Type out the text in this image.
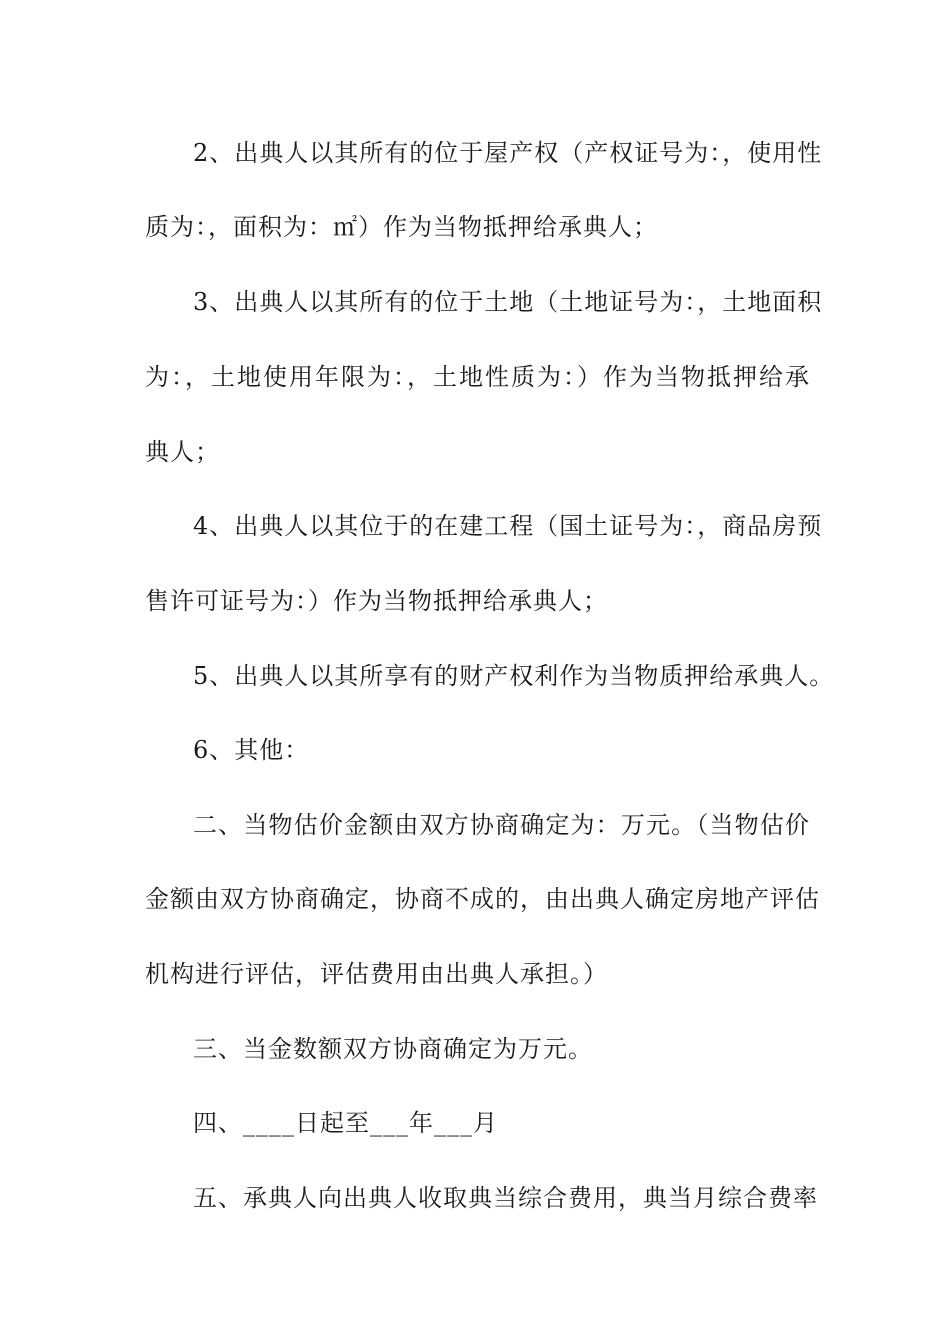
2、出典人以其所有的位于屋产权（产权证号为：，使用性
质为：，面积为：㎡）作为当物抵押给承典人；
3、出典人以其所有的位于土地（土地证号为：，土地面积
为：，土地使用年限为：，土地性质为：）作为当物抵押给承
典人；
4、出典人以其位于的在建工程（国土证号为：，商品房预
售许可证号为：）作为当物抵押给承典人；
5、出典人以其所享有的财产权利作为当物质押给承典人。
6、其他：
二、当物估价金额由双方协商确定为：万元。（当物估价
金额由双方协商确定，协商不成的，由出典人确定房地产评估
机构进行评估，评估费用由出典人承担。）
三、当金数额双方协商确定为万元。
四、____日起至___年___月
五、承典人向出典人收取典当综合费用，典当月综合费率
